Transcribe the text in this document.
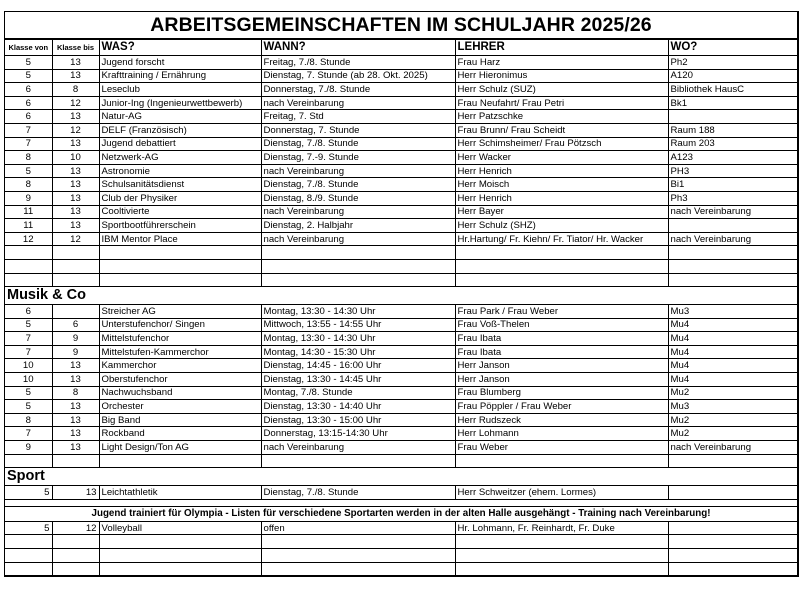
ARBEITSGEMEINSCHAFTEN IM SCHULJAHR 2025/26
Klasse von	Klasse bis	WAS?	WANN?	LEHRER	WO?
5	13	Jugend forscht	Freitag, 7./8. Stunde	Frau Harz	Ph2
5	13	Krafttraining / Ernährung	Dienstag, 7. Stunde (ab 28. Okt. 2025)	Herr Hieronimus	A120
6	8	Leseclub	Donnerstag, 7./8. Stunde	Herr Schulz (SUZ)	Bibliothek HausC
6	12	Junior-Ing (Ingenieurwettbewerb)	nach Vereinbarung	Frau Neufahrt/ Frau Petri	Bk1
6	13	Natur-AG	Freitag, 7. Std	Herr Patzschke	
7	12	DELF (Französisch)	Donnerstag, 7. Stunde	Frau Brunn/ Frau Scheidt	Raum 188
7	13	Jugend debattiert	Dienstag, 7./8. Stunde	Herr Schimsheimer/ Frau Pötzsch	Raum 203
8	10	Netzwerk-AG	Dienstag, 7.-9. Stunde	Herr Wacker	A123
5	13	Astronomie	nach Vereinbarung	Herr Henrich	PH3
8	13	Schulsanitätsdienst	Dienstag, 7./8. Stunde	Herr Moisch	Bi1
9	13	Club der Physiker	Dienstag, 8./9. Stunde	Herr Henrich	Ph3
11	13	Cooltivierte	nach Vereinbarung	Herr Bayer	nach Vereinbarung
11	13	Sportbootführerschein	Dienstag, 2. Halbjahr	Herr Schulz (SHZ)	
12	12	IBM Mentor Place	nach Vereinbarung	Hr.Hartung/ Fr. Kiehn/ Fr. Tiator/ Hr. Wacker	nach Vereinbarung

Musik & Co					
6		Streicher AG	Montag, 13:30 - 14:30 Uhr	Frau Park / Frau Weber	Mu3
5	6	Unterstufenchor/ Singen	Mittwoch, 13:55 - 14:55 Uhr	Frau Voß-Thelen	Mu4
7	9	Mittelstufenchor	Montag, 13:30 - 14:30 Uhr	Frau Ibata	Mu4
7	9	Mittelstufen-Kammerchor	Montag, 14:30 - 15:30 Uhr	Frau Ibata	Mu4
10	13	Kammerchor	Dienstag, 14:45 - 16:00 Uhr	Herr Janson	Mu4
10	13	Oberstufenchor	Dienstag, 13:30 - 14:45 Uhr	Herr Janson	Mu4
5	8	Nachwuchsband	Montag, 7./8. Stunde	Frau Blumberg	Mu2
5	13	Orchester	Dienstag, 13:30 - 14:40 Uhr	Frau Pöppler / Frau Weber	Mu3
8	13	Big Band	Dienstag, 13:30 - 15:00 Uhr	Herr Rudszeck	Mu2
7	13	Rockband	Donnerstag, 13:15-14:30 Uhr	Herr Lohmann	Mu2
9	13	Light Design/Ton AG	nach Vereinbarung	Frau Weber	nach Vereinbarung

Sport					
5	13	Leichtathletik	Dienstag, 7./8. Stunde	Herr Schweitzer (ehem. Lormes)	

Jugend trainiert für Olympia - Listen für verschiedene Sportarten werden in der alten Halle ausgehängt - Training nach Vereinbarung!					
5	12	Volleyball	offen	Hr. Lohmann, Fr. Reinhardt, Fr. Duke	
